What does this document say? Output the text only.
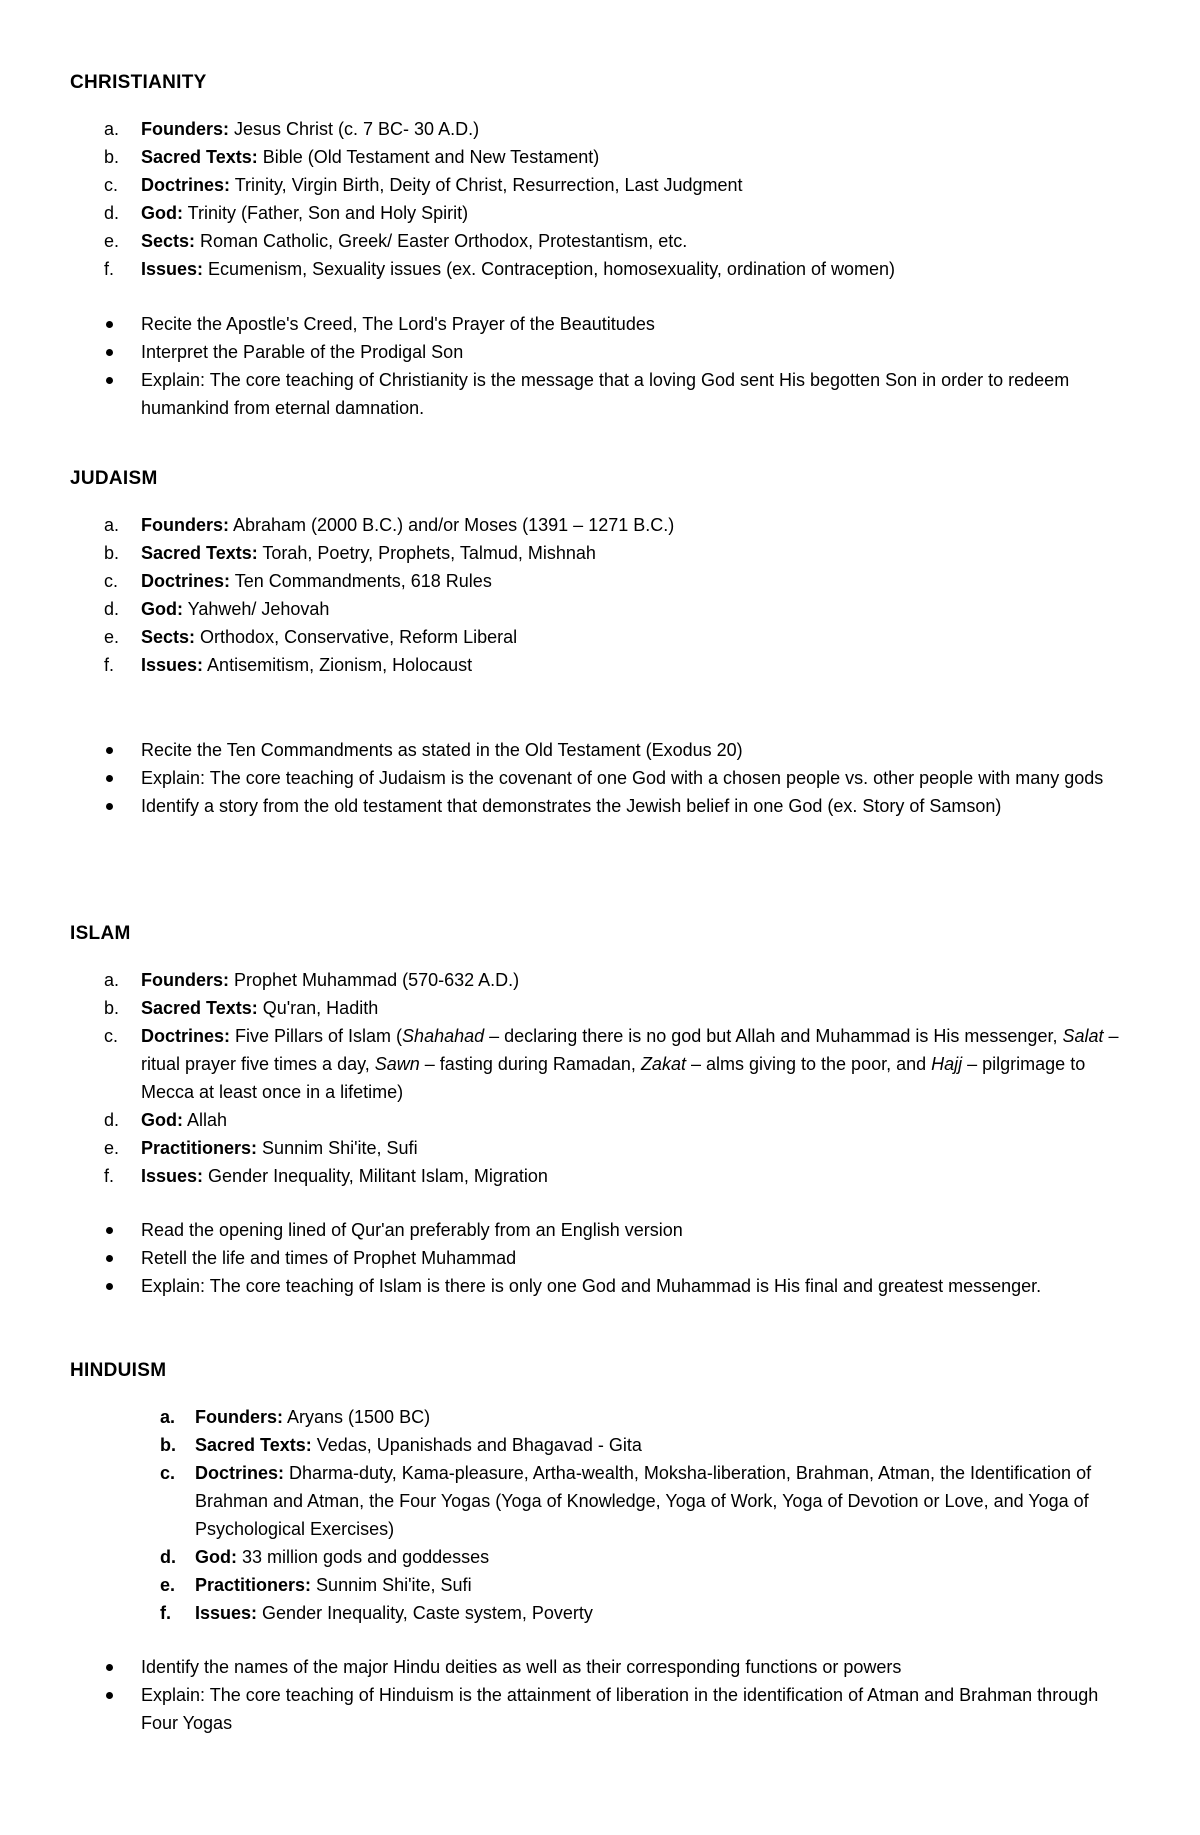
CHRISTIANITY
a. Founders: Jesus Christ (c. 7 BC- 30 A.D.)
b. Sacred Texts: Bible (Old Testament and New Testament)
c. Doctrines: Trinity, Virgin Birth, Deity of Christ, Resurrection, Last Judgment
d. God: Trinity (Father, Son and Holy Spirit)
e. Sects: Roman Catholic, Greek/ Easter Orthodox, Protestantism, etc.
f. Issues: Ecumenism, Sexuality issues (ex. Contraception, homosexuality, ordination of women)
Recite the Apostle's Creed, The Lord's Prayer of the Beautitudes
Interpret the Parable of the Prodigal Son
Explain: The core teaching of Christianity is the message that a loving God sent His begotten Son in order to redeem humankind from eternal damnation.
JUDAISM
a. Founders: Abraham (2000 B.C.) and/or Moses (1391 – 1271 B.C.)
b. Sacred Texts: Torah, Poetry, Prophets, Talmud, Mishnah
c. Doctrines: Ten Commandments, 618 Rules
d. God: Yahweh/ Jehovah
e. Sects: Orthodox, Conservative, Reform Liberal
f. Issues: Antisemitism, Zionism, Holocaust
Recite the Ten Commandments as stated in the Old Testament (Exodus 20)
Explain: The core teaching of Judaism is the covenant of one God with a chosen people vs. other people with many gods
Identify a story from the old testament that demonstrates the Jewish belief in one God (ex. Story of Samson)
ISLAM
a. Founders: Prophet Muhammad (570-632 A.D.)
b. Sacred Texts: Qu'ran, Hadith
c. Doctrines: Five Pillars of Islam (Shahahad – declaring there is no god but Allah and Muhammad is His messenger, Salat – ritual prayer five times a day, Sawn – fasting during Ramadan, Zakat – alms giving to the poor, and Hajj – pilgrimage to Mecca at least once in a lifetime)
d. God: Allah
e. Practitioners: Sunnim Shi'ite, Sufi
f. Issues: Gender Inequality, Militant Islam, Migration
Read the opening lined of Qur'an preferably from an English version
Retell the life and times of Prophet Muhammad
Explain: The core teaching of Islam is there is only one God and Muhammad is His final and greatest messenger.
HINDUISM
a. Founders: Aryans (1500 BC)
b. Sacred Texts: Vedas, Upanishads and Bhagavad - Gita
c. Doctrines: Dharma-duty, Kama-pleasure, Artha-wealth, Moksha-liberation, Brahman, Atman, the Identification of Brahman and Atman, the Four Yogas (Yoga of Knowledge, Yoga of Work, Yoga of Devotion or Love, and Yoga of Psychological Exercises)
d. God: 33 million gods and goddesses
e. Practitioners: Sunnim Shi'ite, Sufi
f. Issues: Gender Inequality, Caste system, Poverty
Identify the names of the major Hindu deities as well as their corresponding functions or powers
Explain: The core teaching of Hinduism is the attainment of liberation in the identification of Atman and Brahman through Four Yogas
